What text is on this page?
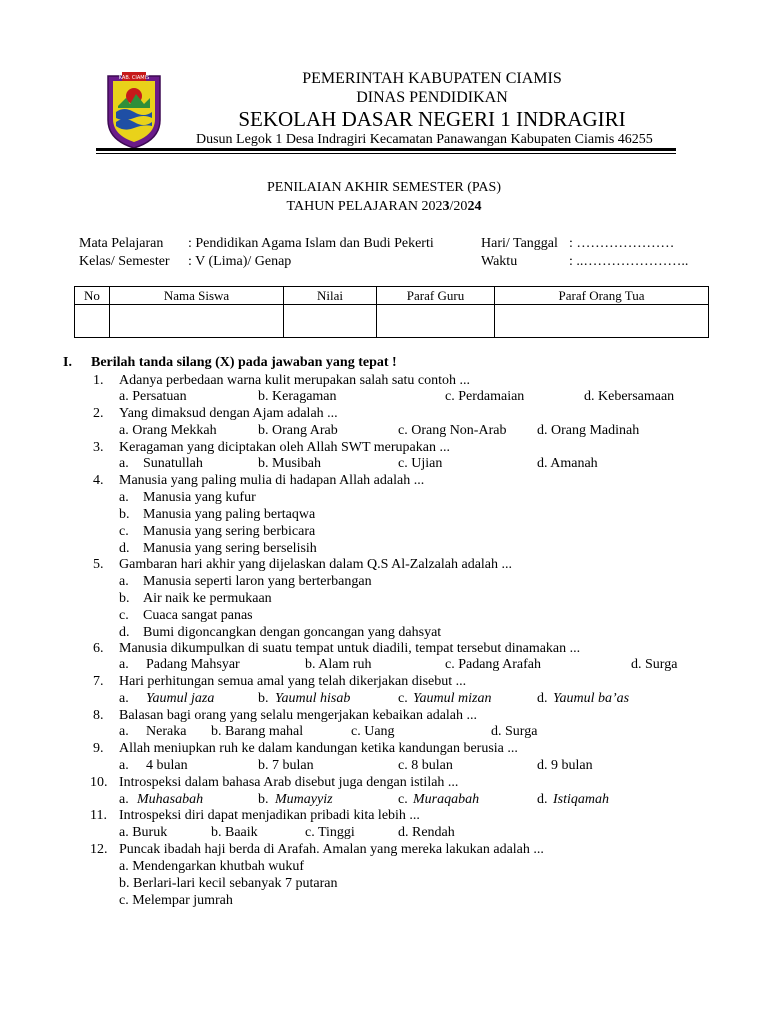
KAB. CIAMIS	PEMERINTAH KABUPATEN CIAMIS
DINAS PENDIDIKAN
SEKOLAH DASAR NEGERI 1 INDRAGIRI
Dusun Legok 1 Desa Indragiri Kecamatan Panawangan Kabupaten Ciamis 46255
PENILAIAN AKHIR SEMESTER (PAS)
TAHUN PELAJARAN 2023/2024
Mata Pelajaran : Pendidikan Agama Islam dan Budi Pekerti
Kelas/ Semester : V (Lima)/ Genap
Hari/ Tanggal : …………………
Waktu	: ..…………………..
No	Nama Siswa	Nilai	Paraf Guru	Paraf Orang Tua

I. Berilah tanda silang (X) pada jawaban yang tepat !
1. Adanya perbedaan warna kulit merupakan salah satu contoh ...
a. Persatuan	b. Keragaman	c. Perdamaian	d. Kebersamaan
2. Yang dimaksud dengan Ajam adalah ...
a. Orang Mekkah	b. Orang Arab	c. Orang Non-Arab d. Orang Madinah
3. Keragaman yang diciptakan oleh Allah SWT merupakan ...
a. Sunatullah	b. Musibah	c. Ujian	d. Amanah
4. Manusia yang paling mulia di hadapan Allah adalah ...
a. Manusia yang kufur
b. Manusia yang paling bertaqwa
c. Manusia yang sering berbicara
d. Manusia yang sering berselisih
5. Gambaran hari akhir yang dijelaskan dalam Q.S Al-Zalzalah adalah ...
a. Manusia seperti laron yang berterbangan
b. Air naik ke permukaan
c. Cuaca sangat panas
d. Bumi digoncangkan dengan goncangan yang dahsyat
6. Manusia dikumpulkan di suatu tempat untuk diadili, tempat tersebut dinamakan ...
a. Padang Mahsyar	b. Alam ruh	c. Padang Arafah	d. Surga
7. Hari perhitungan semua amal yang telah dikerjakan disebut ...
a. Yaumul jaza	b. Yaumul hisab	c. Yaumul mizan	d. Yaumul ba’as
8. Balasan bagi orang yang selalu mengerjakan kebaikan adalah ...
a. Neraka b. Barang mahal	c. Uang	d. Surga
9. Allah meniupkan ruh ke dalam kandungan ketika kandungan berusia ...
a. 4 bulan	b. 7 bulan	c. 8 bulan	d. 9 bulan
10. Introspeksi dalam bahasa Arab disebut juga dengan istilah ...
a. Muhasabah	b. Mumayyiz	c. Muraqabah	d. Istiqamah
11. Introspeksi diri dapat menjadikan pribadi kita lebih ...
a. Buruk	b. Baaik	c. Tinggi	d. Rendah
12. Puncak ibadah haji berda di Arafah. Amalan yang mereka lakukan adalah ...
a. Mendengarkan khutbah wukuf
b. Berlari-lari kecil sebanyak 7 putaran
c. Melempar jumrah
